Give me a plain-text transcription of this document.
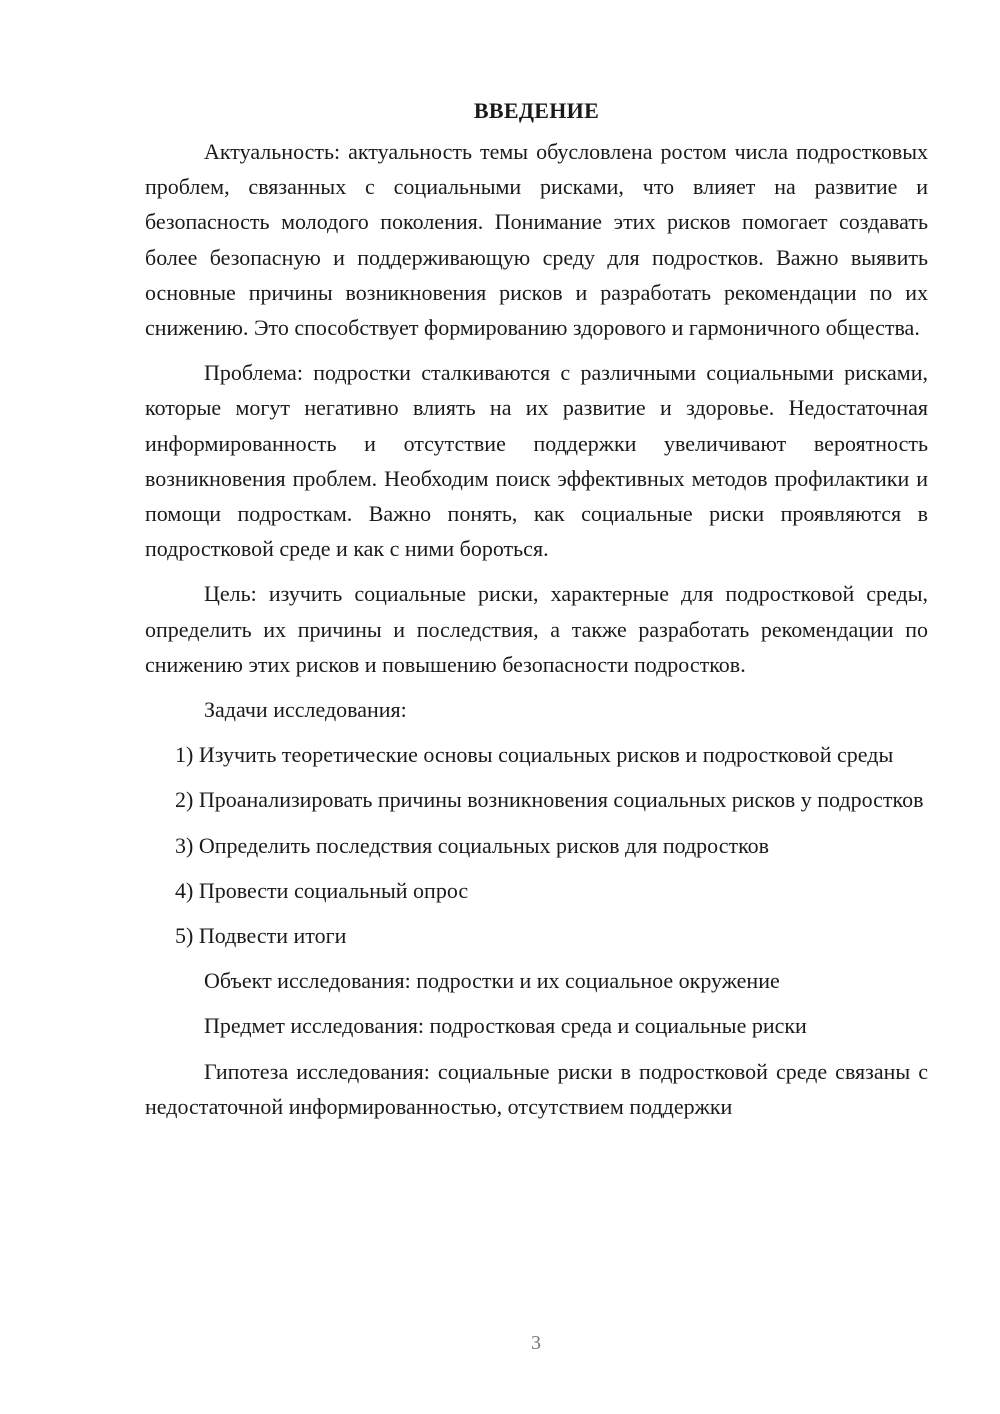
ВВЕДЕНИЕ

Актуальность: актуальность темы обусловлена ростом числа подростковых проблем, связанных с социальными рисками, что влияет на развитие и безопасность молодого поколения. Понимание этих рисков помогает создавать более безопасную и поддерживающую среду для подростков. Важно выявить основные причины возникновения рисков и разработать рекомендации по их снижению. Это способствует формированию здорового и гармоничного общества.

Проблема: подростки сталкиваются с различными социальными рисками, которые могут негативно влиять на их развитие и здоровье. Недостаточная информированность и отсутствие поддержки увеличивают вероятность возникновения проблем. Необходим поиск эффективных методов профилактики и помощи подросткам. Важно понять, как социальные риски проявляются в подростковой среде и как с ними бороться.

Цель: изучить социальные риски, характерные для подростковой среды, определить их причины и последствия, а также разработать рекомендации по снижению этих рисков и повышению безопасности подростков.

Задачи исследования:

1) Изучить теоретические основы социальных рисков и подростковой среды

2) Проанализировать причины возникновения социальных рисков у подростков

3) Определить последствия социальных рисков для подростков

4) Провести социальный опрос

5) Подвести итоги

Объект исследования: подростки и их социальное окружение

Предмет исследования: подростковая среда и социальные риски

Гипотеза исследования: социальные риски в подростковой среде связаны с недостаточной информированностью, отсутствием поддержки

3
